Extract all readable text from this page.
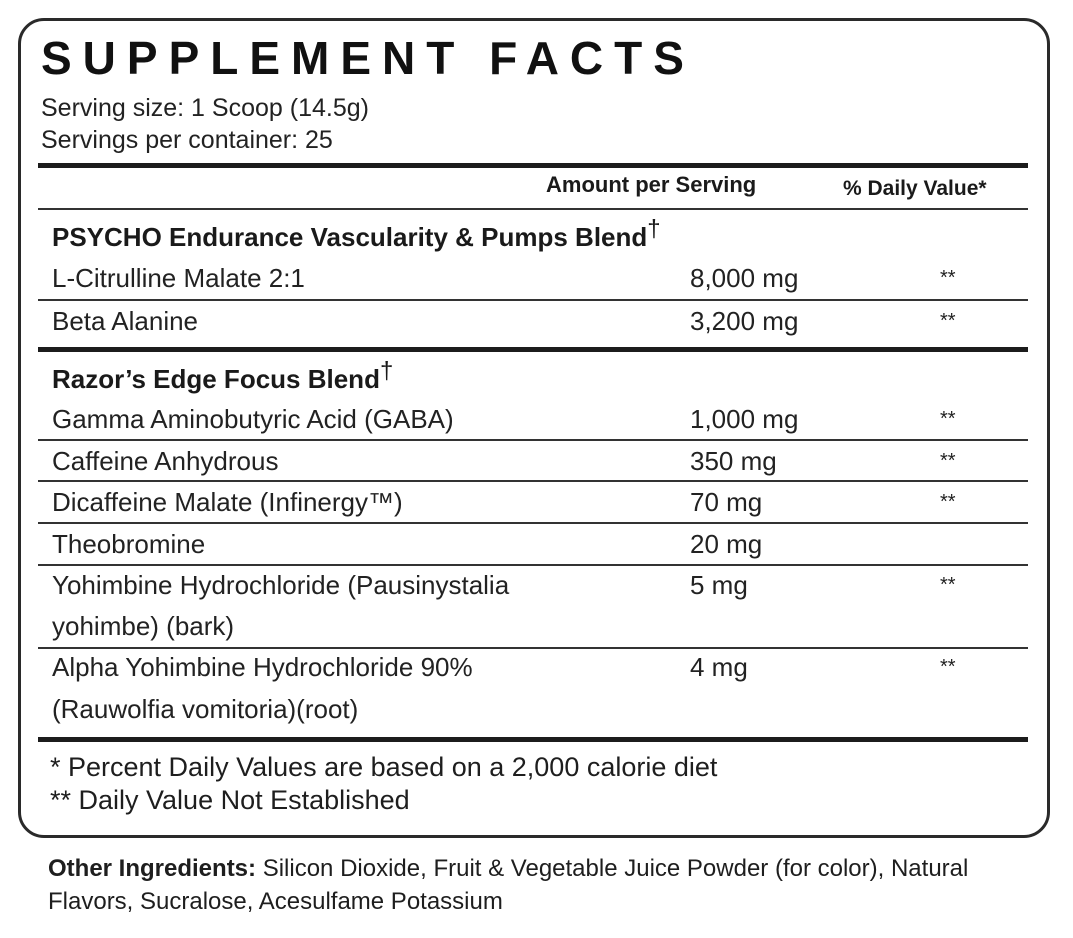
SUPPLEMENT FACTS
Serving size: 1 Scoop (14.5g)
Servings per container: 25
Amount per Serving	% Daily Value*
PSYCHO Endurance Vascularity & Pumps Blend†
L-Citrulline Malate 2:1	8,000 mg	**
Beta Alanine	3,200 mg	**
Razor’s Edge Focus Blend†
Gamma Aminobutyric Acid (GABA)	1,000 mg	**
Caffeine Anhydrous	350 mg	**
Dicaffeine Malate (Infinergy™)	70 mg	**
Theobromine	20 mg
Yohimbine Hydrochloride (Pausinystalia	5 mg	**
yohimbe) (bark)
Alpha Yohimbine Hydrochloride 90%	4 mg	**
(Rauwolfia vomitoria)(root)
* Percent Daily Values are based on a 2,000 calorie diet
** Daily Value Not Established
Other Ingredients: Silicon Dioxide, Fruit & Vegetable Juice Powder (for color), Natural Flavors, Sucralose, Acesulfame Potassium
